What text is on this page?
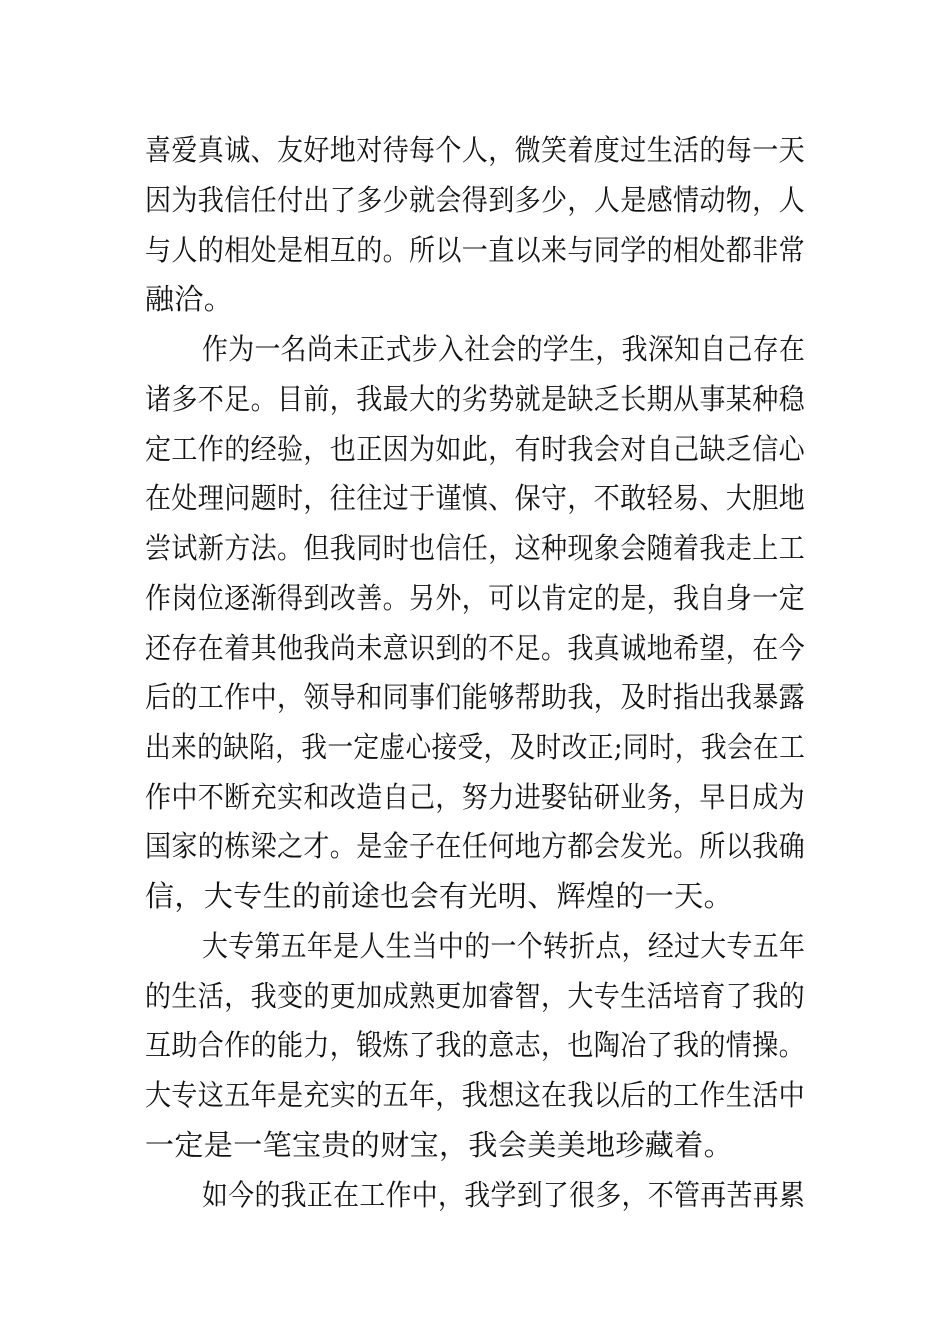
喜爱真诚、友好地对待每个人，微笑着度过生活的每一天
因为我信任付出了多少就会得到多少，人是感情动物，人
与人的相处是相互的。所以一直以来与同学的相处都非常
融洽。
作为一名尚未正式步入社会的学生，我深知自己存在
诸多不足。目前，我最大的劣势就是缺乏长期从事某种稳
定工作的经验，也正因为如此，有时我会对自己缺乏信心
在处理问题时，往往过于谨慎、保守，不敢轻易、大胆地
尝试新方法。但我同时也信任，这种现象会随着我走上工
作岗位逐渐得到改善。另外，可以肯定的是，我自身一定
还存在着其他我尚未意识到的不足。我真诚地希望，在今
后的工作中，领导和同事们能够帮助我，及时指出我暴露
出来的缺陷，我一定虚心接受，及时改正;同时，我会在工
作中不断充实和改造自己，努力进娶钻研业务，早日成为
国家的栋梁之才。是金子在任何地方都会发光。所以我确
信，大专生的前途也会有光明、辉煌的一天。
大专第五年是人生当中的一个转折点，经过大专五年
的生活，我变的更加成熟更加睿智，大专生活培育了我的
互助合作的能力，锻炼了我的意志，也陶冶了我的情操。
大专这五年是充实的五年，我想这在我以后的工作生活中
一定是一笔宝贵的财宝，我会美美地珍藏着。
如今的我正在工作中，我学到了很多，不管再苦再累
